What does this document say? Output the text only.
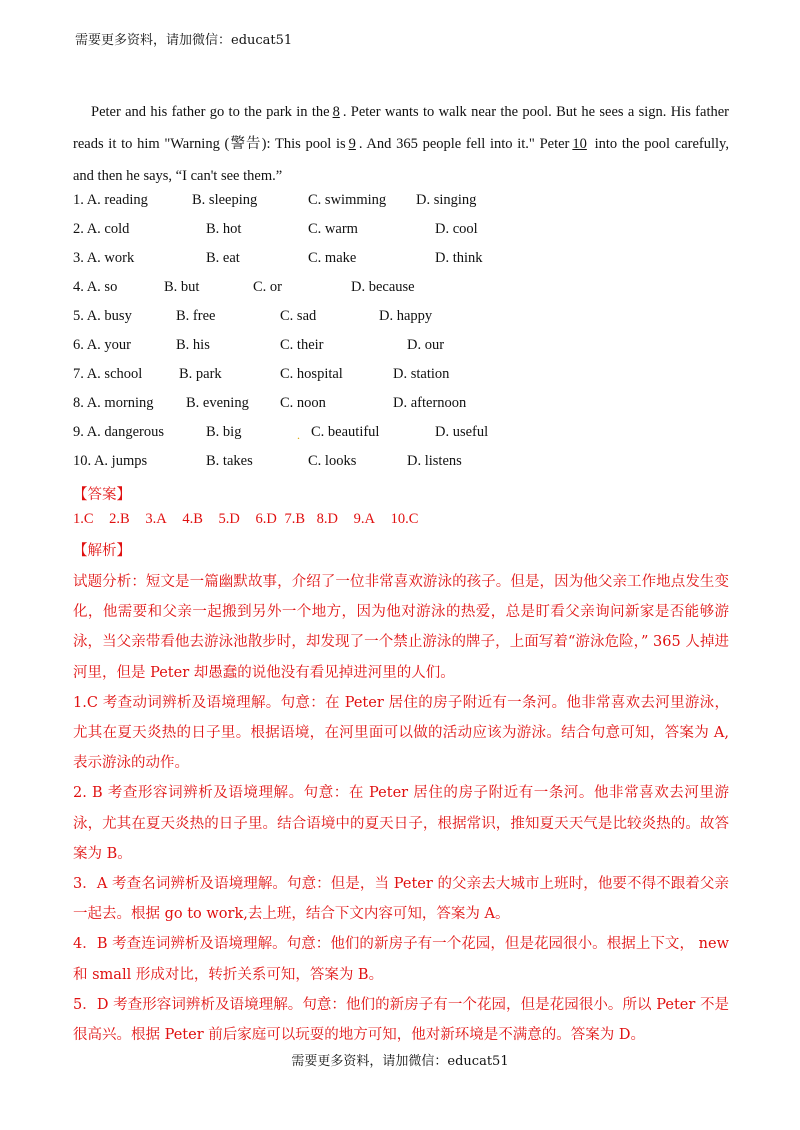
需要更多资料，请加微信：educat51

Peter and his father go to the park in the 8 . Peter wants to walk near the pool. But he sees a sign. His father reads it to him "Warning (警告): This pool is 9 . And 365 people fell into it." Peter 10 into the pool carefully, and then he says, “I can't see them.”

1. A. reading	B. sleeping	C. swimming D. singing
2. A. cold	B. hot	C. warm	D. cool
3. A. work	B. eat	C. make	D. think
4. A. so	B. but	C. or	D. because
5. A. busy	B. free	C. sad	D. happy
6. A. your	B. his	C. their	D. our
7. A. school	B. park	C. hospital	D. station
8. A. morning B. evening C. noon	D. afternoon
9. A. dangerous	B. big	. C. beautiful	D. useful
10. A. jumps	B. takes	C. looks	D. listens
【答案】
1.C 2.B 3.A 4.B 5.D 6.D 7.B 8.D 9.A 10.C
【解析】

试题分析：短文是一篇幽默故事，介绍了一位非常喜欢游泳的孩子。但是，因为他父亲工作地点发生变化，他需要和父亲一起搬到另外一个地方，因为他对游泳的热爱，总是盯看父亲询问新家是否能够游泳，当父亲带看他去游泳池散步时，却发现了一个禁止游泳的牌子，上面写着“游泳危险，” 365 人掉进河里，但是 Peter 却愚蠢的说他没有看见掉进河里的人们。

1.C 考查动词辨析及语境理解。句意：在 Peter 居住的房子附近有一条河。他非常喜欢去河里游泳，尤其在夏天炎热的日子里。根据语境，在河里面可以做的活动应该为游泳。结合句意可知，答案为 A,表示游泳的动作。

2. B 考查形容词辨析及语境理解。句意：在 Peter 居住的房子附近有一条河。他非常喜欢去河里游泳，尤其在夏天炎热的日子里。结合语境中的夏天日子，根据常识，推知夏天天气是比较炎热的。故答案为 B。

3．A 考查名词辨析及语境理解。句意：但是，当 Peter 的父亲去大城市上班时，他要不得不跟着父亲一起去。根据 go to work,去上班，结合下文内容可知，答案为 A。

4．B 考查连词辨析及语境理解。句意：他们的新房子有一个花园，但是花园很小。根据上下文， new 和 small 形成对比，转折关系可知，答案为 B。

5．D 考查形容词辨析及语境理解。句意：他们的新房子有一个花园，但是花园很小。所以 Peter 不是很高兴。根据 Peter 前后家庭可以玩耍的地方可知，他对新环境是不满意的。答案为 D。

需要更多资料，请加微信：educat51
